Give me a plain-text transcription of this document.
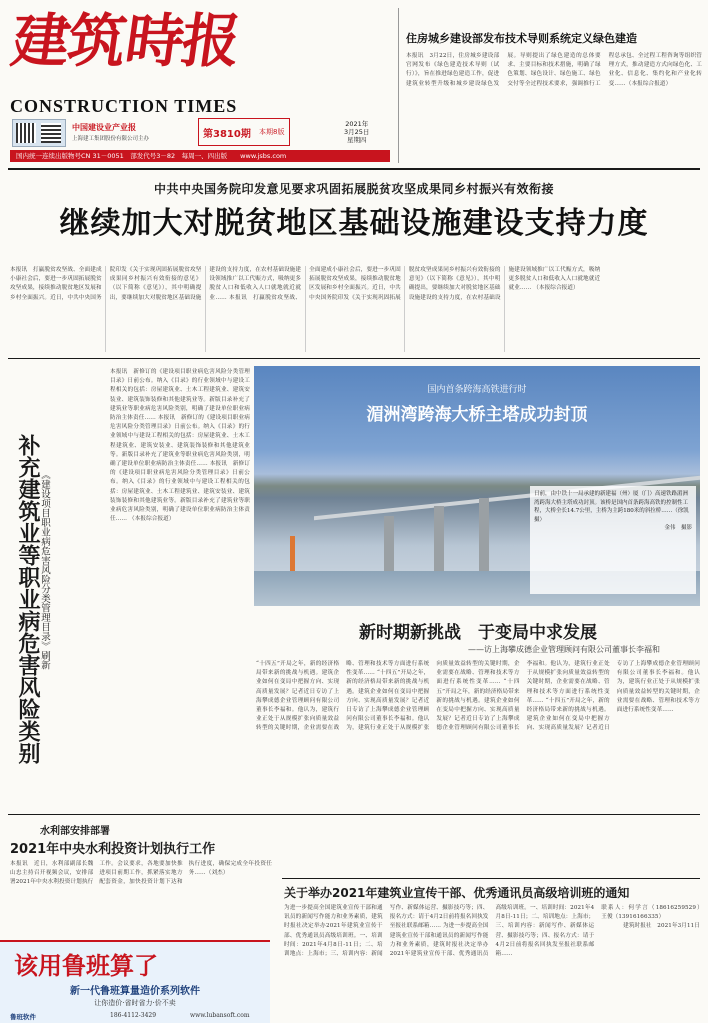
建
筑
時
报
CONSTRUCTION TIMES
中国建设业产业报
上海建工集团股份有限公司主办	第3810期 本期8版
2021年
3月25日
星期四
国内统一连续出版物号CN 31－0051　部发代号3－82　每周一、四出版　　www.jsbs.com
住房城乡建设部发布技术导则系统定义绿色建造
本报讯　3月22日，住房城乡建设部官网发布《绿色建造技术导则（试行）》，旨在推进绿色建造工作，促进建筑业转型升级和城乡建设绿色发展。导则提出了绿色建造的总体要求、主要目标和技术措施，明确了绿色策划、绿色设计、绿色施工、绿色交付等全过程技术要求，强调推行工程总承包、全过程工程咨询等组织管理方式，推动建造方式向绿色化、工业化、信息化、集约化和产业化转变……（本报综合报道）
中共中央国务院印发意见要求巩固拓展脱贫攻坚成果同乡村振兴有效衔接
继续加大对脱贫地区基础设施建设支持力度
本报讯　打赢脱贫攻坚战、全面建成小康社会后，要进一步巩固拓展脱贫攻坚成果，接续推动脱贫地区发展和乡村全面振兴。近日，中共中央国务院印发《关于实现巩固拓展脱贫攻坚成果同乡村振兴有效衔接的意见》（以下简称《意见》），其中明确提出，要继续加大对脱贫地区基础设施建设的支持力度，在农村基础设施建设领域推广以工代赈方式，吸纳更多脱贫人口和低收入人口就地就近就业…… 本报讯　打赢脱贫攻坚战、全面建成小康社会后，要进一步巩固拓展脱贫攻坚成果，接续推动脱贫地区发展和乡村全面振兴。近日，中共中央国务院印发《关于实现巩固拓展脱贫攻坚成果同乡村振兴有效衔接的意见》（以下简称《意见》），其中明确提出，要继续加大对脱贫地区基础设施建设的支持力度，在农村基础设施建设领域推广以工代赈方式，吸纳更多脱贫人口和低收入人口就地就近就业…… （本报综合报道）
补充建筑业等职业病危害风险类别 《建设项目职业病危害风险分类管理目录》刷新
本报讯　新修订的《建设项目职业病危害风险分类管理目录》日前公布。纳入《目录》的行业领域中与建设工程相关的包括：房屋建筑业、土木工程建筑业、建筑安装业、建筑装饰装修和其他建筑业等。新版目录补充了建筑业等职业病危害风险类别，明确了建设单位职业病防治主体责任…… 本报讯　新修订的《建设项目职业病危害风险分类管理目录》日前公布。纳入《目录》的行业领域中与建设工程相关的包括：房屋建筑业、土木工程建筑业、建筑安装业、建筑装饰装修和其他建筑业等。新版目录补充了建筑业等职业病危害风险类别，明确了建设单位职业病防治主体责任…… 本报讯　新修订的《建设项目职业病危害风险分类管理目录》日前公布。纳入《目录》的行业领域中与建设工程相关的包括：房屋建筑业、土木工程建筑业、建筑安装业、建筑装饰装修和其他建筑业等。新版目录补充了建筑业等职业病危害风险类别，明确了建设单位职业病防治主体责任…… （本报综合报道）
国内首条跨海高铁进行时
湄洲湾跨海大桥主塔成功封顶
日前，由中铁十一局承建的新建福（州）厦（门）高速铁路湄洲湾跨海大桥主塔成功封顶。该桥是国内首条跨海高铁的控制性工程，大桥全长14.7公里，主桥为主跨180米的斜拉桥……（徐凯 摄）
金伟　摄影
新时期新挑战　于变局中求发展
——访上海攀成德企业管理顾问有限公司董事长李福和
“十四五”开局之年，新的经济格局带来新的挑战与机遇。建筑企业如何在变局中把握方向、实现高质量发展？记者近日专访了上海攀成德企业管理顾问有限公司董事长李福和。他认为，建筑行业正处于从规模扩张向质量效益转型的关键时期，企业需要在战略、管理和技术等方面进行系统性变革…… “十四五”开局之年，新的经济格局带来新的挑战与机遇。建筑企业如何在变局中把握方向、实现高质量发展？记者近日专访了上海攀成德企业管理顾问有限公司董事长李福和。他认为，建筑行业正处于从规模扩张向质量效益转型的关键时期，企业需要在战略、管理和技术等方面进行系统性变革…… “十四五”开局之年，新的经济格局带来新的挑战与机遇。建筑企业如何在变局中把握方向、实现高质量发展？记者近日专访了上海攀成德企业管理顾问有限公司董事长李福和。他认为，建筑行业正处于从规模扩张向质量效益转型的关键时期，企业需要在战略、管理和技术等方面进行系统性变革…… “十四五”开局之年，新的经济格局带来新的挑战与机遇。建筑企业如何在变局中把握方向、实现高质量发展？记者近日专访了上海攀成德企业管理顾问有限公司董事长李福和。他认为，建筑行业正处于从规模扩张向质量效益转型的关键时期，企业需要在战略、管理和技术等方面进行系统性变革……
水利部安排部署
2021年中央水利投资计划执行工作
本报讯　近日，水利部副部长魏山忠主持召开视频会议，安排部署2021年中央水利投资计划执行工作。会议要求，各地要加快推进项目前期工作，抓紧落实地方配套资金，加快投资计划下达和执行进度，确保完成全年投资任务……（刘杰）
关于举办2021年建筑业宣传干部、优秀通讯员高级培训班的通知
为进一步提高全国建筑业宣传干部和通讯员的新闻写作能力和业务素质，建筑时报社决定举办2021年建筑业宣传干部、优秀通讯员高级培训班。一、培训时间：2021年4月8日-11日；二、培训地点：上海市；三、培训内容：新闻写作、新媒体运营、摄影技巧等；四、报名方式：请于4月2日前将报名回执发至报社联系邮箱…… 为进一步提高全国建筑业宣传干部和通讯员的新闻写作能力和业务素质，建筑时报社决定举办2021年建筑业宣传干部、优秀通讯员高级培训班。一、培训时间：2021年4月8日-11日；二、培训地点：上海市；三、培训内容：新闻写作、新媒体运营、摄影技巧等；四、报名方式：请于4月2日前将报名回执发至报社联系邮箱……
联系人：何学言（18616259529）　王俊（13916166335）
建筑时报社　2021年3月11日
该用鲁班算了
新一代鲁班算量造价系列软件
让你造价·省时省力·价不卖
鲁班软件	186-4112-3429	www.lubansoft.com
